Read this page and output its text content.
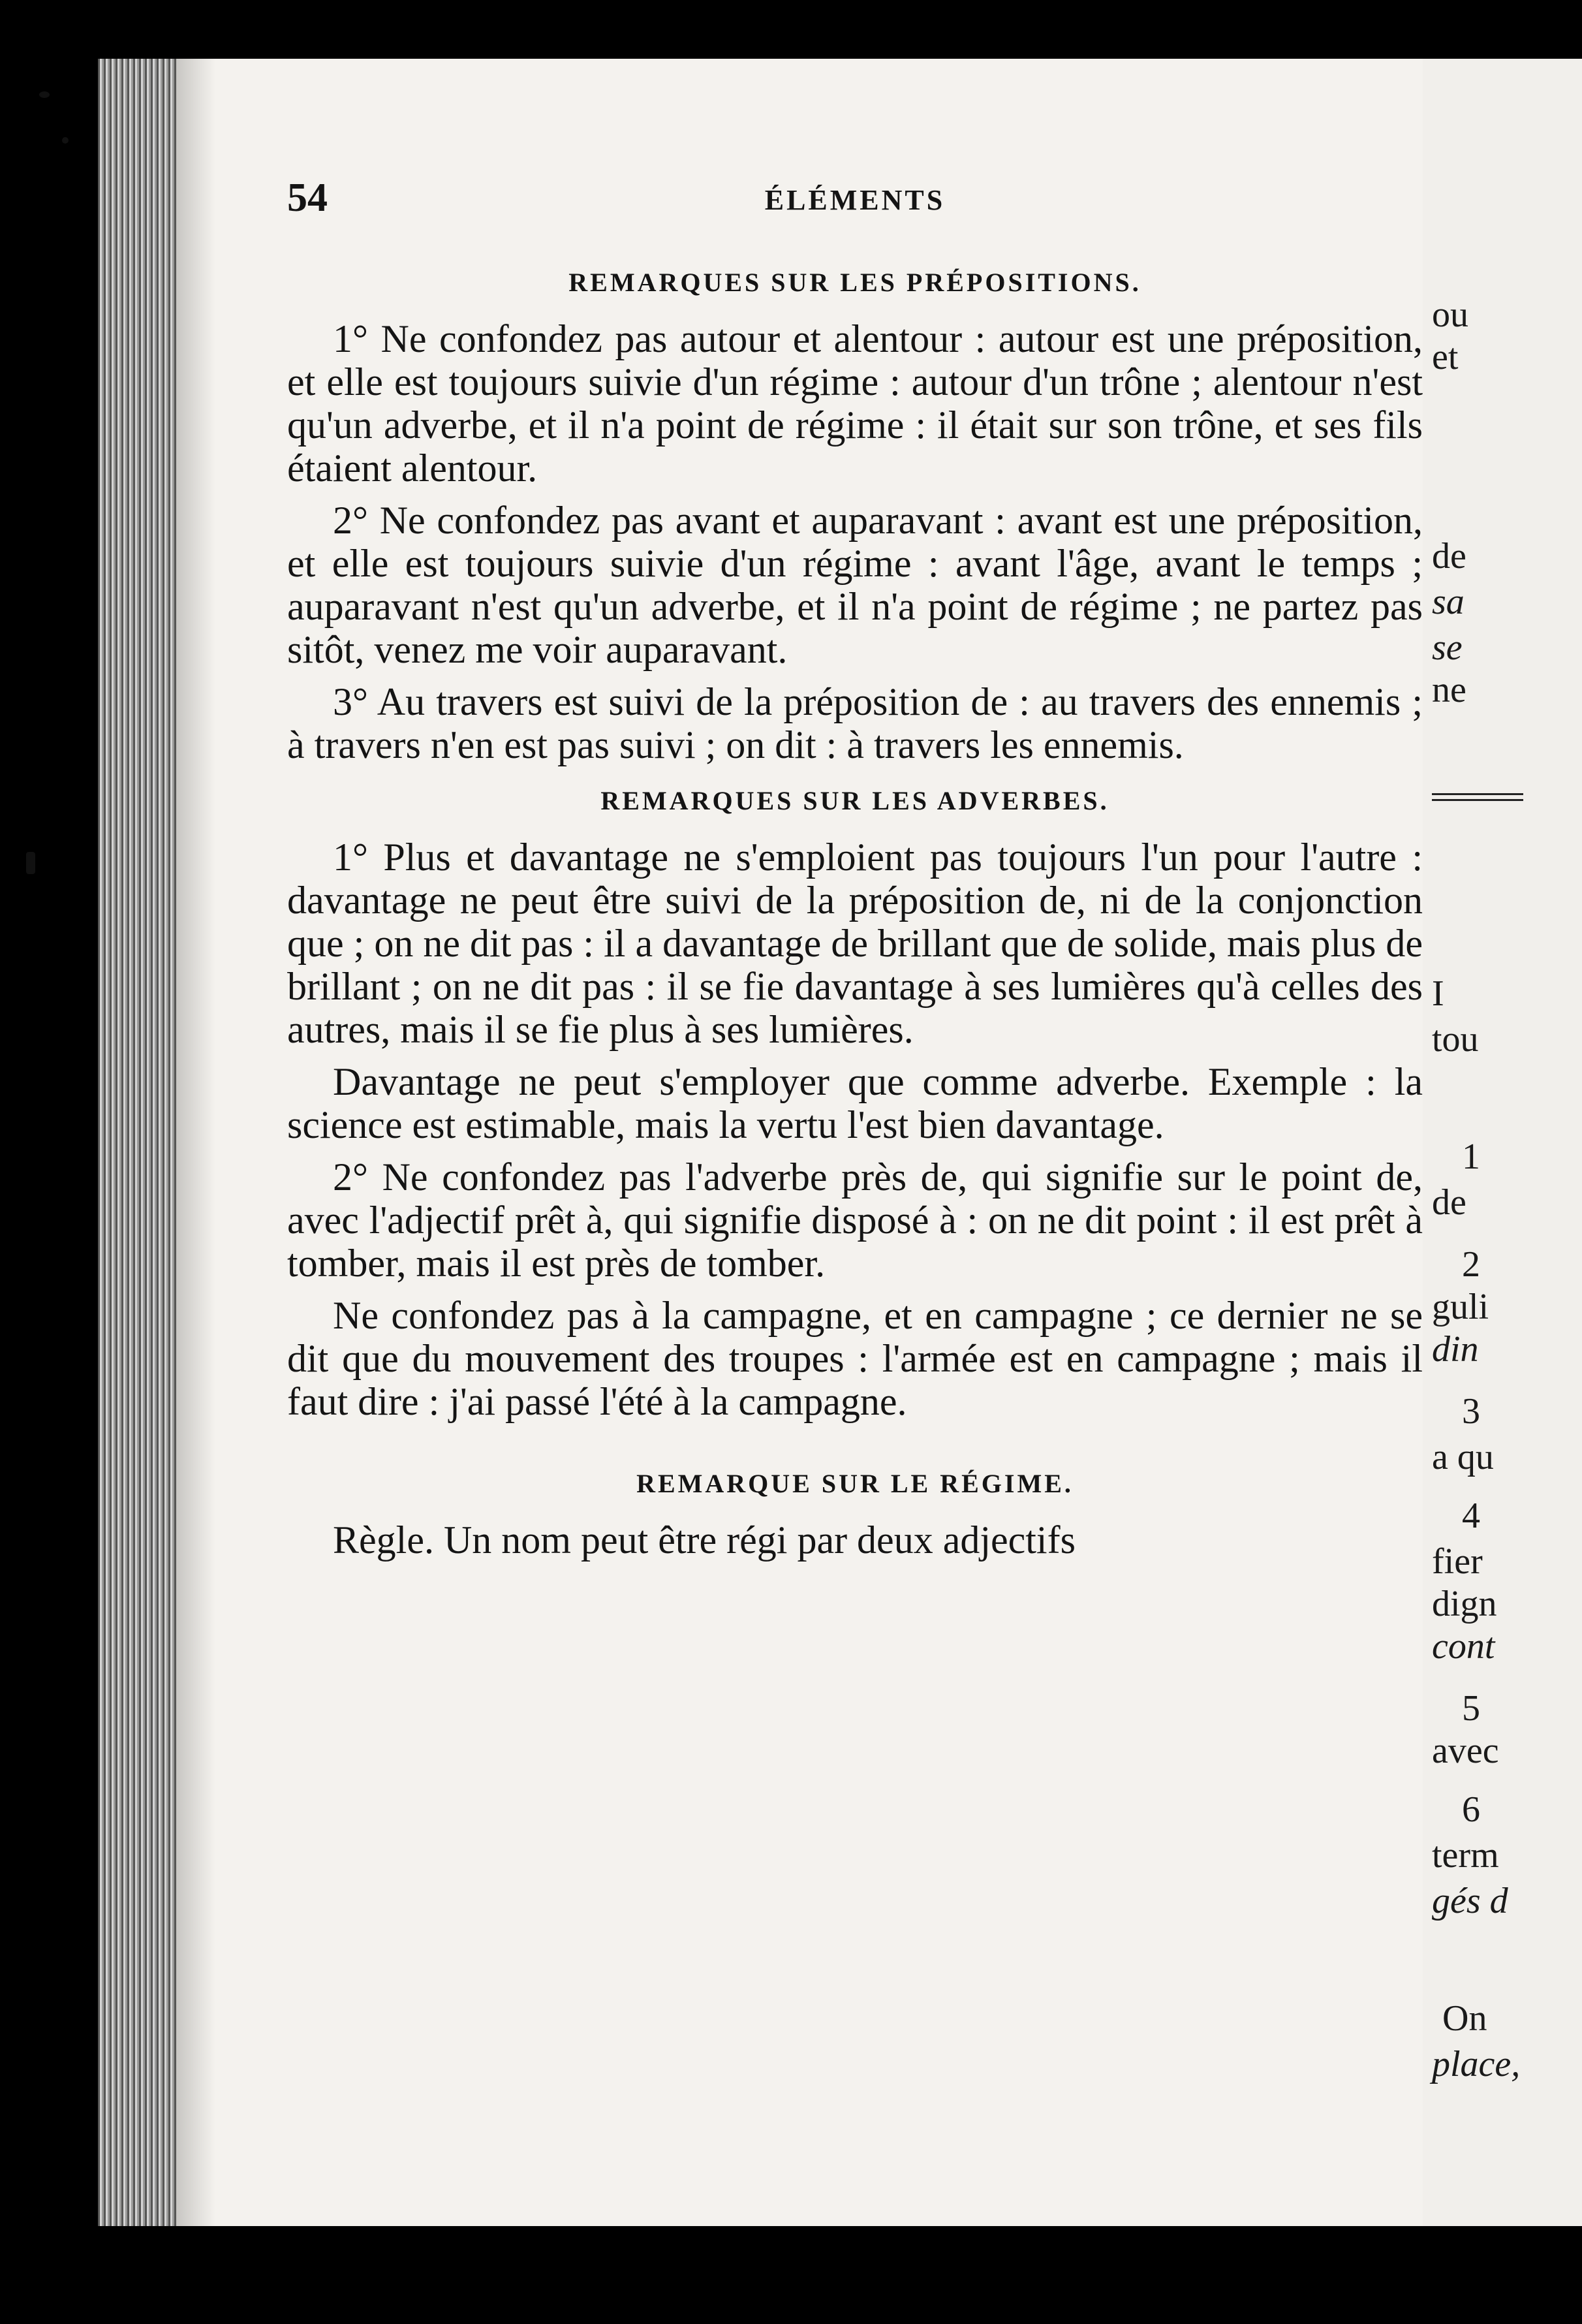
54	ÉLÉMENTS
REMARQUES SUR LES PRÉPOSITIONS.

1° Ne confondez pas autour et alentour : autour est une préposition, et elle est toujours suivie d'un régime : autour d'un trône ; alentour n'est qu'un adverbe, et il n'a point de régime : il était sur son trône, et ses fils étaient alentour.

2° Ne confondez pas avant et auparavant : avant est une préposition, et elle est toujours suivie d'un régime : avant l'âge, avant le temps ; auparavant n'est qu'un adverbe, et il n'a point de régime ; ne partez pas sitôt, venez me voir auparavant.

3° Au travers est suivi de la préposition de : au travers des ennemis ; à travers n'en est pas suivi ; on dit : à travers les ennemis.

REMARQUES SUR LES ADVERBES.

1° Plus et davantage ne s'emploient pas toujours l'un pour l'autre : davantage ne peut être suivi de la préposition de, ni de la conjonction que ; on ne dit pas : il a davantage de brillant que de solide, mais plus de brillant ; on ne dit pas : il se fie davantage à ses lumières qu'à celles des autres, mais il se fie plus à ses lumières.

Davantage ne peut s'employer que comme adverbe. Exemple : la science est estimable, mais la vertu l'est bien davantage.

2° Ne confondez pas l'adverbe près de, qui signifie sur le point de, avec l'adjectif prêt à, qui signifie disposé à : on ne dit point : il est prêt à tomber, mais il est près de tomber.

Ne confondez pas à la campagne, et en campagne ; ce dernier ne se dit que du mouvement des troupes : l'armée est en campagne ; mais il faut dire : j'ai passé l'été à la campagne.

REMARQUE SUR LE RÉGIME.

Règle. Un nom peut être régi par deux adjectifs

ou
et
de
sa
se
ne
I
tou
1
de
2
guli
din
3
a qu
4
fier
dign
cont
5
avec
6
term
gés d
On
place,
